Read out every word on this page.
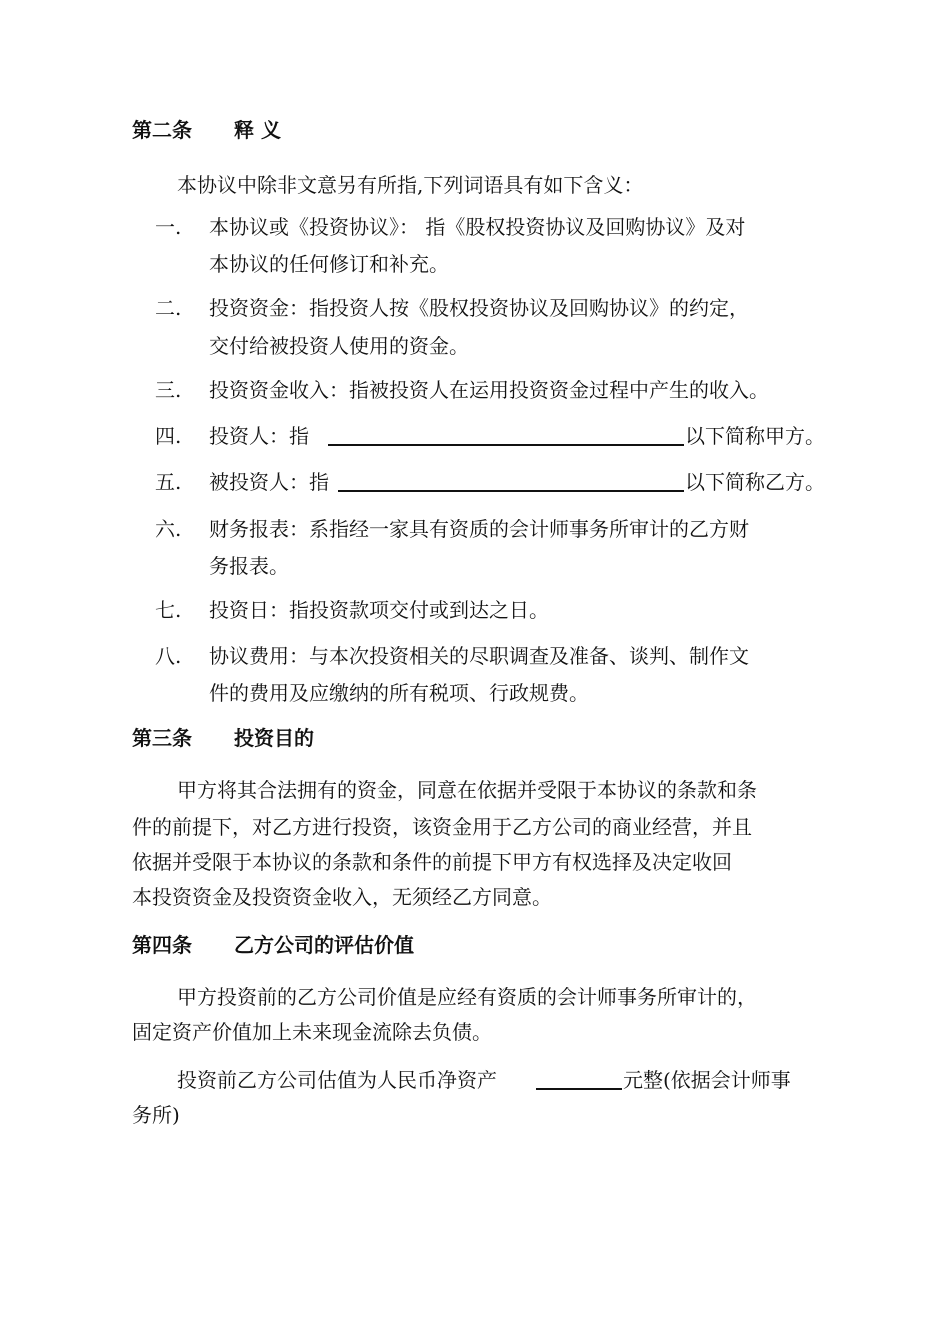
第二条 释 义
本协议中除非文意另有所指,下列词语具有如下含义：
一. 本协议或《投资协议》： 指《股权投资协议及回购协议》及对
本协议的任何修订和补充。
二. 投资资金：指投资人按《股权投资协议及回购协议》的约定，
交付给被投资人使用的资金。
三. 投资资金收入：指被投资人在运用投资资金过程中产生的收入。
四. 投资人：指	以下简称甲方。
五. 被投资人：指	以下简称乙方。
六. 财务报表：系指经一家具有资质的会计师事务所审计的乙方财
务报表。
七. 投资日：指投资款项交付或到达之日。
八. 协议费用：与本次投资相关的尽职调查及准备、谈判、制作文
件的费用及应缴纳的所有税项、行政规费。
第三条 投资目的
甲方将其合法拥有的资金，同意在依据并受限于本协议的条款和条
件的前提下，对乙方进行投资，该资金用于乙方公司的商业经营，并且
依据并受限于本协议的条款和条件的前提下甲方有权选择及决定收回
本投资资金及投资资金收入，无须经乙方同意。
第四条 乙方公司的评估价值
甲方投资前的乙方公司价值是应经有资质的会计师事务所审计的，
固定资产价值加上未来现金流除去负债。
投资前乙方公司估值为人民币净资产	元整(依据会计师事
务所)
